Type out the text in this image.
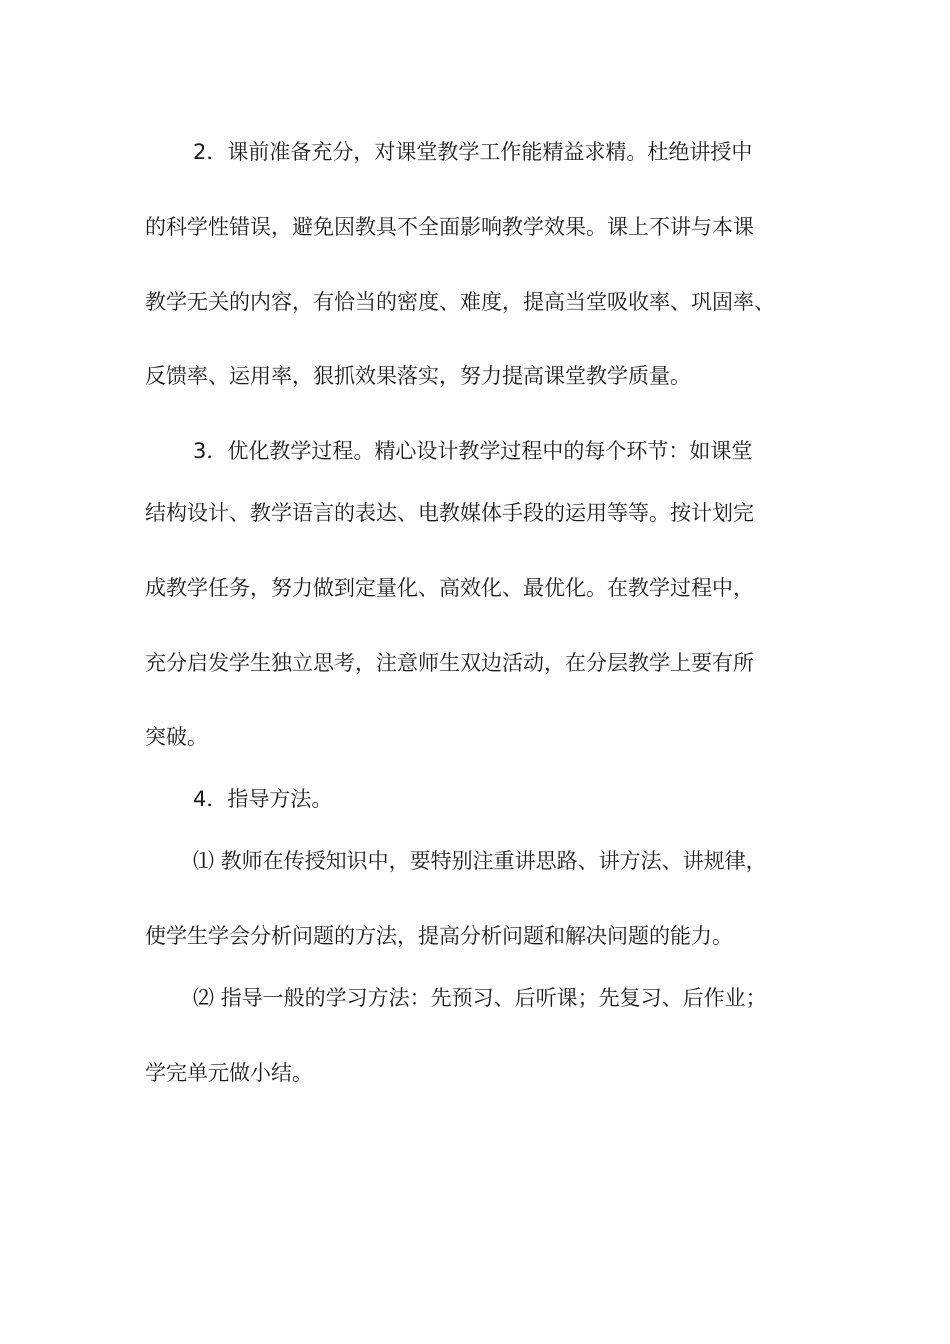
2．课前准备充分，对课堂教学工作能精益求精。杜绝讲授中
的科学性错误，避免因教具不全面影响教学效果。课上不讲与本课
教学无关的内容，有恰当的密度、难度，提高当堂吸收率、巩固率、
反馈率、运用率，狠抓效果落实，努力提高课堂教学质量。
3．优化教学过程。精心设计教学过程中的每个环节：如课堂
结构设计、教学语言的表达、电教媒体手段的运用等等。按计划完
成教学任务，努力做到定量化、高效化、最优化。在教学过程中，
充分启发学生独立思考，注意师生双边活动，在分层教学上要有所
突破。
4．指导方法。
⑴ 教师在传授知识中，要特别注重讲思路、讲方法、讲规律，
使学生学会分析问题的方法，提高分析问题和解决问题的能力。
⑵ 指导一般的学习方法：先预习、后听课；先复习、后作业；
学完单元做小结。
